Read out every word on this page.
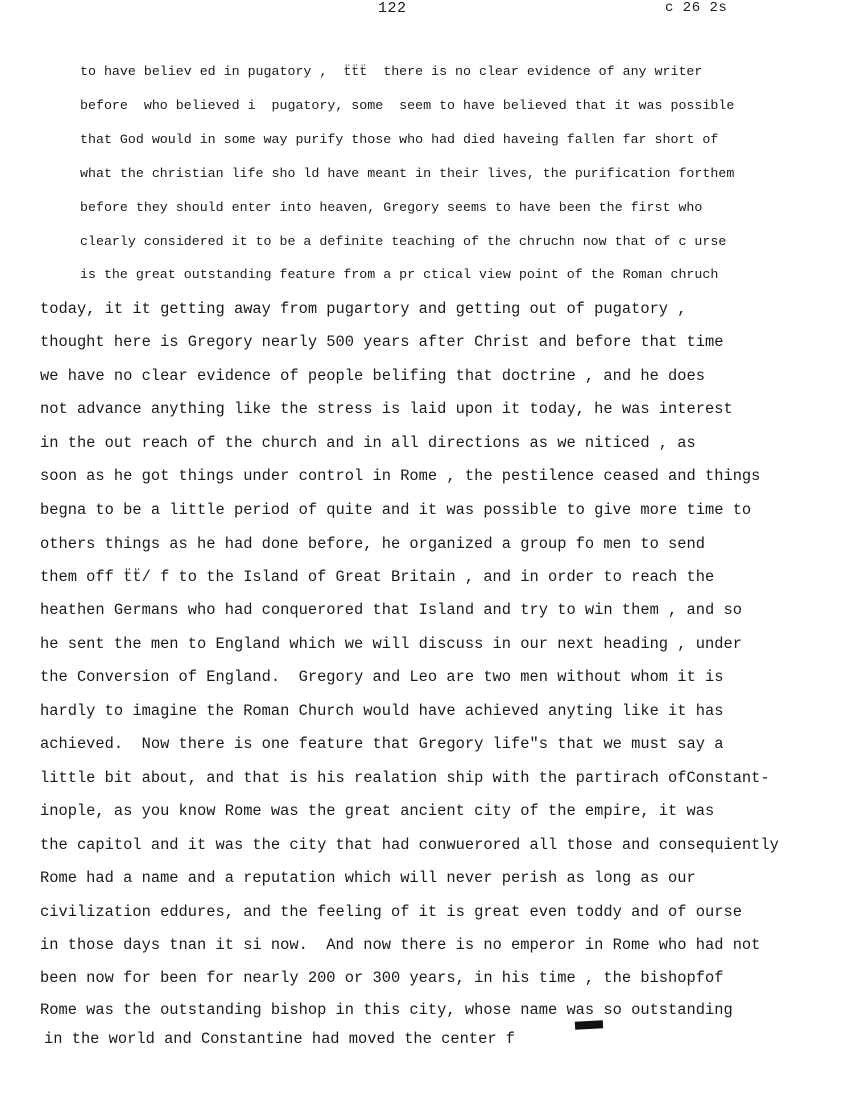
122	c 26 2s
to have believ ed in pugatory ,  ẗẗẗ  there is no clear evidence of any writer
before  who believed i  pugatory, some  seem to have believed that it was possible
that God would in some way purify those who had died haveing fallen far short of
what the christian life sho ld have meant in their lives, the purification forthem
before they should enter into heaven, Gregory seems to have been the first who
clearly considered it to be a definite teaching of the chruchn now that of c urse
is the great outstanding feature from a pr ctical view point of the Roman chruch
today, it it getting away from pugartory and getting out of pugatory ,
thought here is Gregory nearly 500 years after Christ and before that time
we have no clear evidence of people belifing that doctrine , and he does
not advance anything like the stress is laid upon it today, he was interest
in the out reach of the church and in all directions as we niticed , as
soon as he got things under control in Rome , the pestilence ceased and things
begna to be a little period of quite and it was possible to give more time to
others things as he had done before, he organized a group fo men to send
them off ẗẗ/ f to the Island of Great Britain , and in order to reach the
heathen Germans who had conquerored that Island and try to win them , and so
he sent the men to England which we will discuss in our next heading , under
the Conversion of England.  Gregory and Leo are two men without whom it is
hardly to imagine the Roman Church would have achieved anyting like it has
achieved.  Now there is one feature that Gregory life"s that we must say a
little bit about, and that is his realation ship with the partirach ofConstant-
inople, as you know Rome was the great ancient city of the empire, it was
the capitol and it was the city that had conwuerored all those and consequiently
Rome had a name and a reputation which will never perish as long as our
civilization eddures, and the feeling of it is great even toddy and of ourse
in those days tnan it si now.  And now there is no emperor in Rome who had not
been now for been for nearly 200 or 300 years, in his time , the bishopfof
Rome was the outstanding bishop in this city, whose name was so outstanding
in the world and Constantine had moved the center f
